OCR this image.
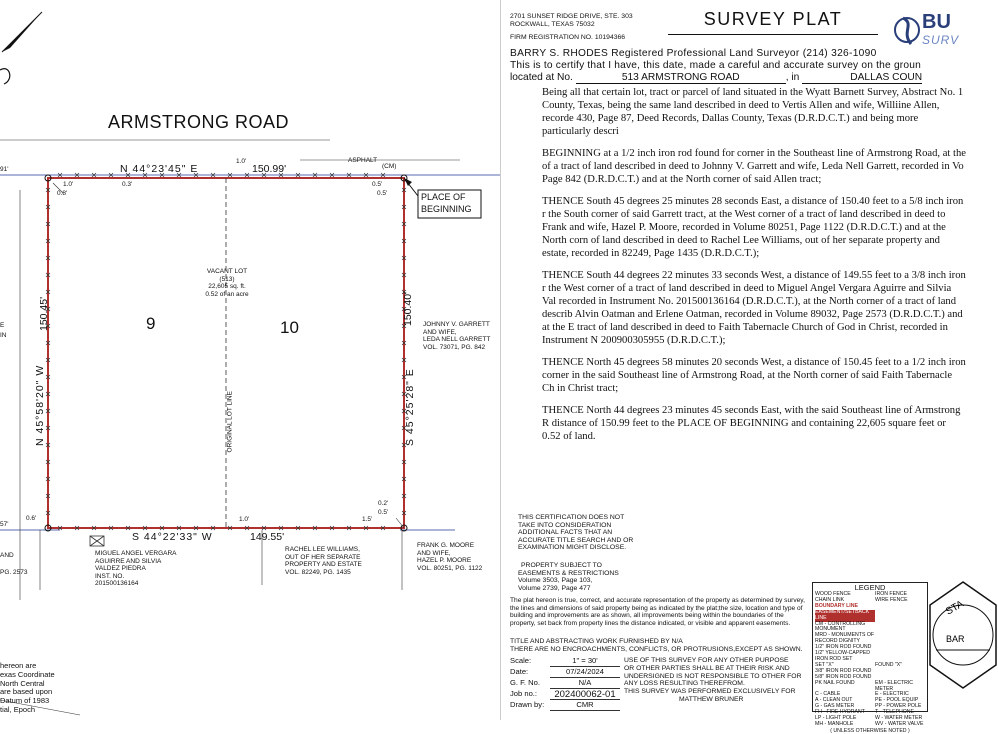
ARMSTRONG ROAD
ASPHALT
N 44°23'45" E	150.99'
1.0'
(CM)
1.0'
0.8'
0.3'	0.5'
0.5'
0.6'	1.0'
0.2'
0.5'
1.5'
PLACE OF
BEGINNING
N 45°58'20" W
150.45'
S 45°25'28" E
150.40'
9	10
VACANT LOT
(513)
22,605 sq. ft.
0.52 of an acre
ORIGINAL LOT LINE
JOHNNY V. GARRETT
AND WIFE,
LEDA NELL GARRETT
VOL. 73071, PG. 842
MIGUEL ANGEL VERGARA
AGUIRRE AND SILVIA
VALDEZ PIEDRA
INST. NO.
201500136164
RACHEL LEE WILLIAMS,
OUT OF HER SEPARATE
PROPERTY AND ESTATE
VOL. 82249, PG. 1435
FRANK G. MOORE
AND WIFE,
HAZEL P. MOORE
VOL. 80251, PG. 1122
S 44°22'33" W	149.55'
91'
57'
E
IN
AND
PG. 2573
hereon are
exas Coordinate
North Central
are based upon
Datum of 1983
tial, Epoch
2701 SUNSET RIDGE DRIVE, STE. 303
ROCKWALL, TEXAS 75032
FIRM REGISTRATION NO. 10194366
SURVEY PLAT	BU
SURV
BARRY S. RHODES Registered Professional Land Surveyor (214) 326-1090
This is to certify that I have, this date, made a careful and accurate survey on the groun
located at No.	513 ARMSTRONG ROAD	, in	DALLAS COUN

Being all that certain lot, tract or parcel of land situated in the Wyatt Barnett Survey, Abstract No. 1 County, Texas, being the same land described in deed to Vertis Allen and wife, Williine Allen, recorde 430, Page 87, Deed Records, Dallas County, Texas (D.R.D.C.T.) and being more particularly descri

BEGINNING at a 1/2 inch iron rod found for corner in the Southeast line of Armstrong Road, at the of a tract of land described in deed to Johnny V. Garrett and wife, Leda Nell Garrett, recorded in Vo Page 842 (D.R.D.C.T.) and at the North corner of said Allen tract;

THENCE South 45 degrees 25 minutes 28 seconds East, a distance of 150.40 feet to a 5/8 inch iron r the South corner of said Garrett tract, at the West corner of a tract of land described in deed to Frank and wife, Hazel P. Moore, recorded in Volume 80251, Page 1122 (D.R.D.C.T.) and at the North corn of land described in deed to Rachel Lee Williams, out of her separate property and estate, recorded in 82249, Page 1435 (D.R.D.C.T.);

THENCE South 44 degrees 22 minutes 33 seconds West, a distance of 149.55 feet to a 3/8 inch iron r the West corner of a tract of land described in deed to Miguel Angel Vergara Aguirre and Silvia Val recorded in Instrument No. 201500136164 (D.R.D.C.T.), at the North corner of a tract of land describ Alvin Oatman and Erlene Oatman, recorded in Volume 89032, Page 2573 (D.R.D.C.T.) and at the E tract of land described in deed to Faith Tabernacle Church of God in Christ, recorded in Instrument N 200900305955 (D.R.D.C.T.);

THENCE North 45 degrees 58 minutes 20 seconds West, a distance of 150.45 feet to a 1/2 inch iron corner in the said Southeast line of Armstrong Road, at the North corner of said Faith Tabernacle Ch in Christ tract;

THENCE North 44 degrees 23 minutes 45 seconds East, with the said Southeast line of Armstrong R distance of 150.99 feet to the PLACE OF BEGINNING and containing 22,605 square feet or 0.52 of land.

THIS CERTIFICATION DOES NOT
TAKE INTO CONSIDERATION
ADDITIONAL FACTS THAT AN
ACCURATE TITLE SEARCH AND OR
EXAMINATION MIGHT DISCLOSE.
PROPERTY SUBJECT TO
EASEMENTS & RESTRICTIONS
Volume 3503, Page 103,
Volume 2739, Page 477
The plat hereon is true, correct, and accurate representation of the property as determined by survey, the lines and dimensions of said property being as indicated by the plat;the size, location and type of building and improvements are as shown, all improvements being within the boundaries of the property, set back from property lines the distance indicated, or visible and apparent easements.
TITLE AND ABSTRACTING WORK FURNISHED BY N/A
THERE ARE NO ENCROACHMENTS, CONFLICTS, OR PROTRUSIONS,EXCEPT AS SHOWN.
Scale:	1" = 30'
Date:	07/24/2024
G. F. No.	N/A
Job no.:	202400062-01
Drawn by:	CMR
USE OF THIS SURVEY FOR ANY OTHER PURPOSE
OR OTHER PARTIES SHALL BE AT THEIR RISK AND
UNDERSIGNED IS NOT RESPONSIBLE TO OTHER FOR
ANY LOSS RESULTING THEREFROM.
THIS SURVEY WAS PERFORMED EXCLUSIVELY FOR
MATTHEW BRUNER
LEGEND
WOOD FENCE	IRON FENCE
CHAIN LINK	WIRE FENCE
BOUNDARY LINE
EASEMENT/SETBACK LINE
CM - CONTROLLING MONUMENT
MRD - MONUMENTS OF RECORD DIGNITY
1/2" IRON ROD FOUND
1/2" YELLOW-CAPPED IRON ROD SET
SET "X"	FOUND "X"
3/8" IRON ROD FOUND
5/8" IRON ROD FOUND
PK NAIL FOUND	EM - ELECTRIC METER
C - CABLE	E - ELECTRIC
A - CLEAN OUT	PE - POOL EQUIP
G - GAS METER	PP - POWER POLE
FH - FIRE HYDRANT	T - TELEPHONE
LP - LIGHT POLE	W - WATER METER
MH - MANHOLE	WV - WATER VALVE
( UNLESS OTHERWISE NOTED )
STA
BAR
